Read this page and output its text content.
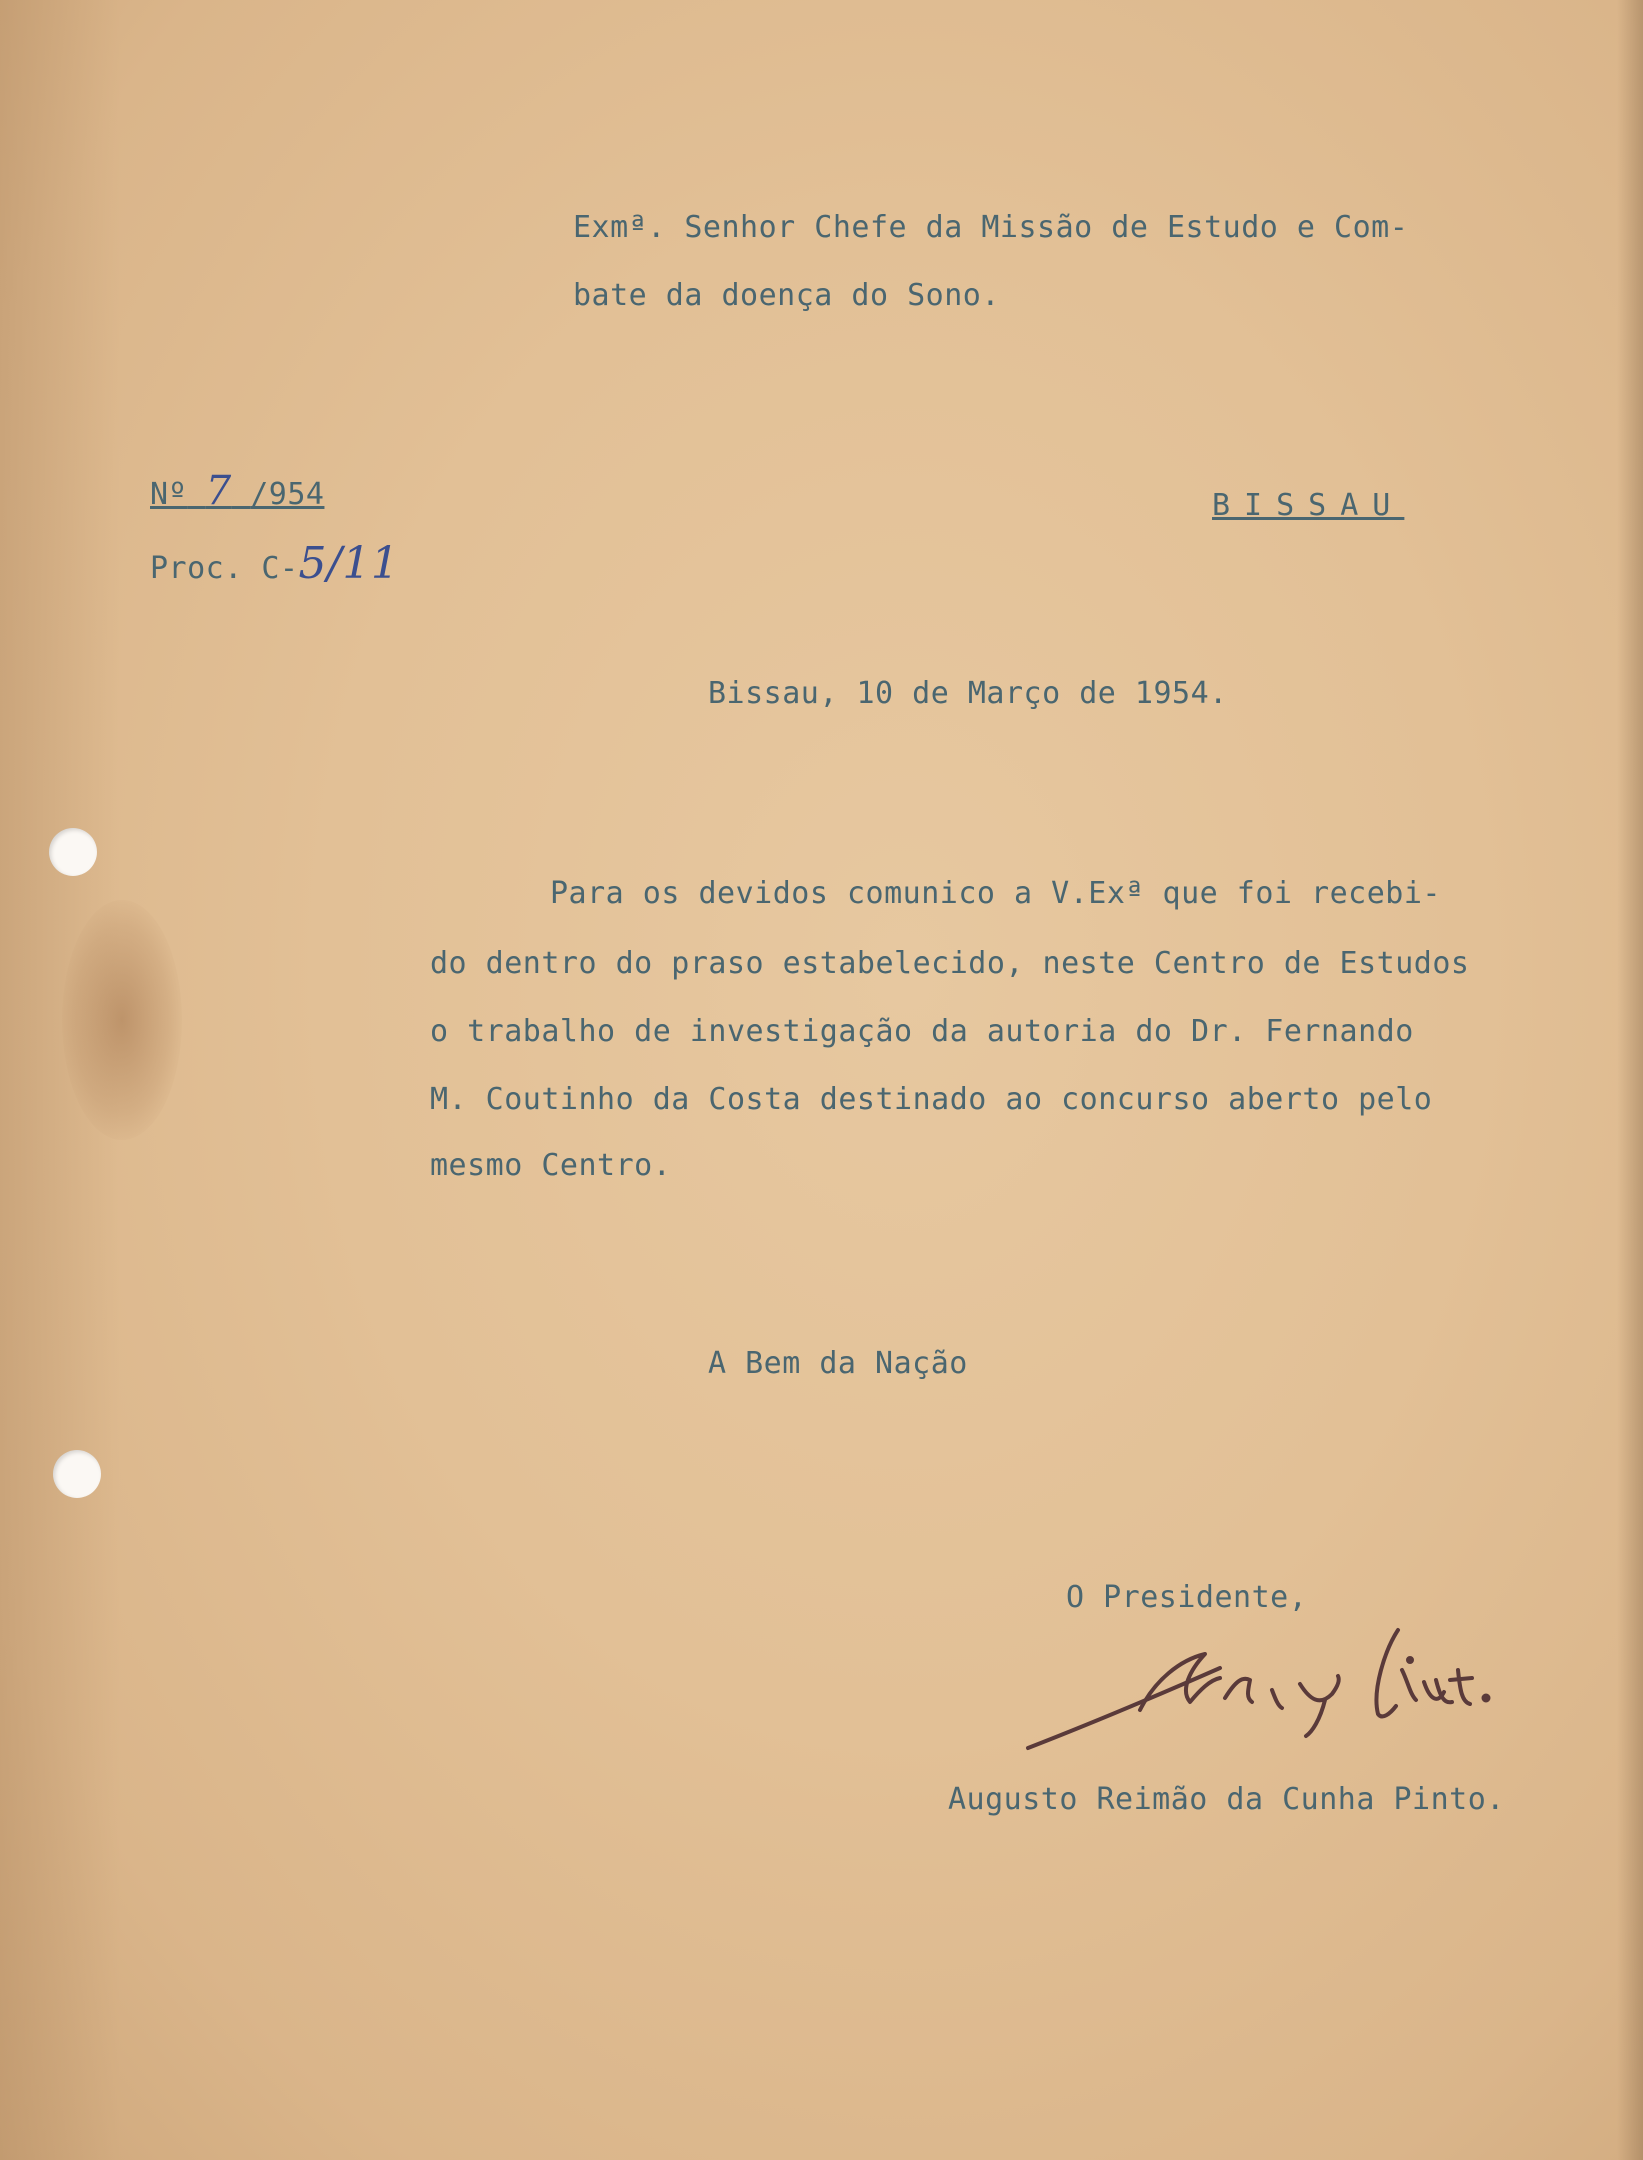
Exmª. Senhor Chefe da Missão de Estudo e Com-
bate da doença do Sono.
Nº 7 /954
Proc. C-5/11
BISSAU
Bissau, 10 de Março de 1954.
Para os devidos comunico a V.Exª que foi recebi-
do dentro do praso estabelecido, neste Centro de Estudos
o trabalho de investigação da autoria do Dr. Fernando
M. Coutinho da Costa destinado ao concurso aberto pelo
mesmo Centro.
A Bem da Nação
O Presidente,
Augusto Reimão da Cunha Pinto.
